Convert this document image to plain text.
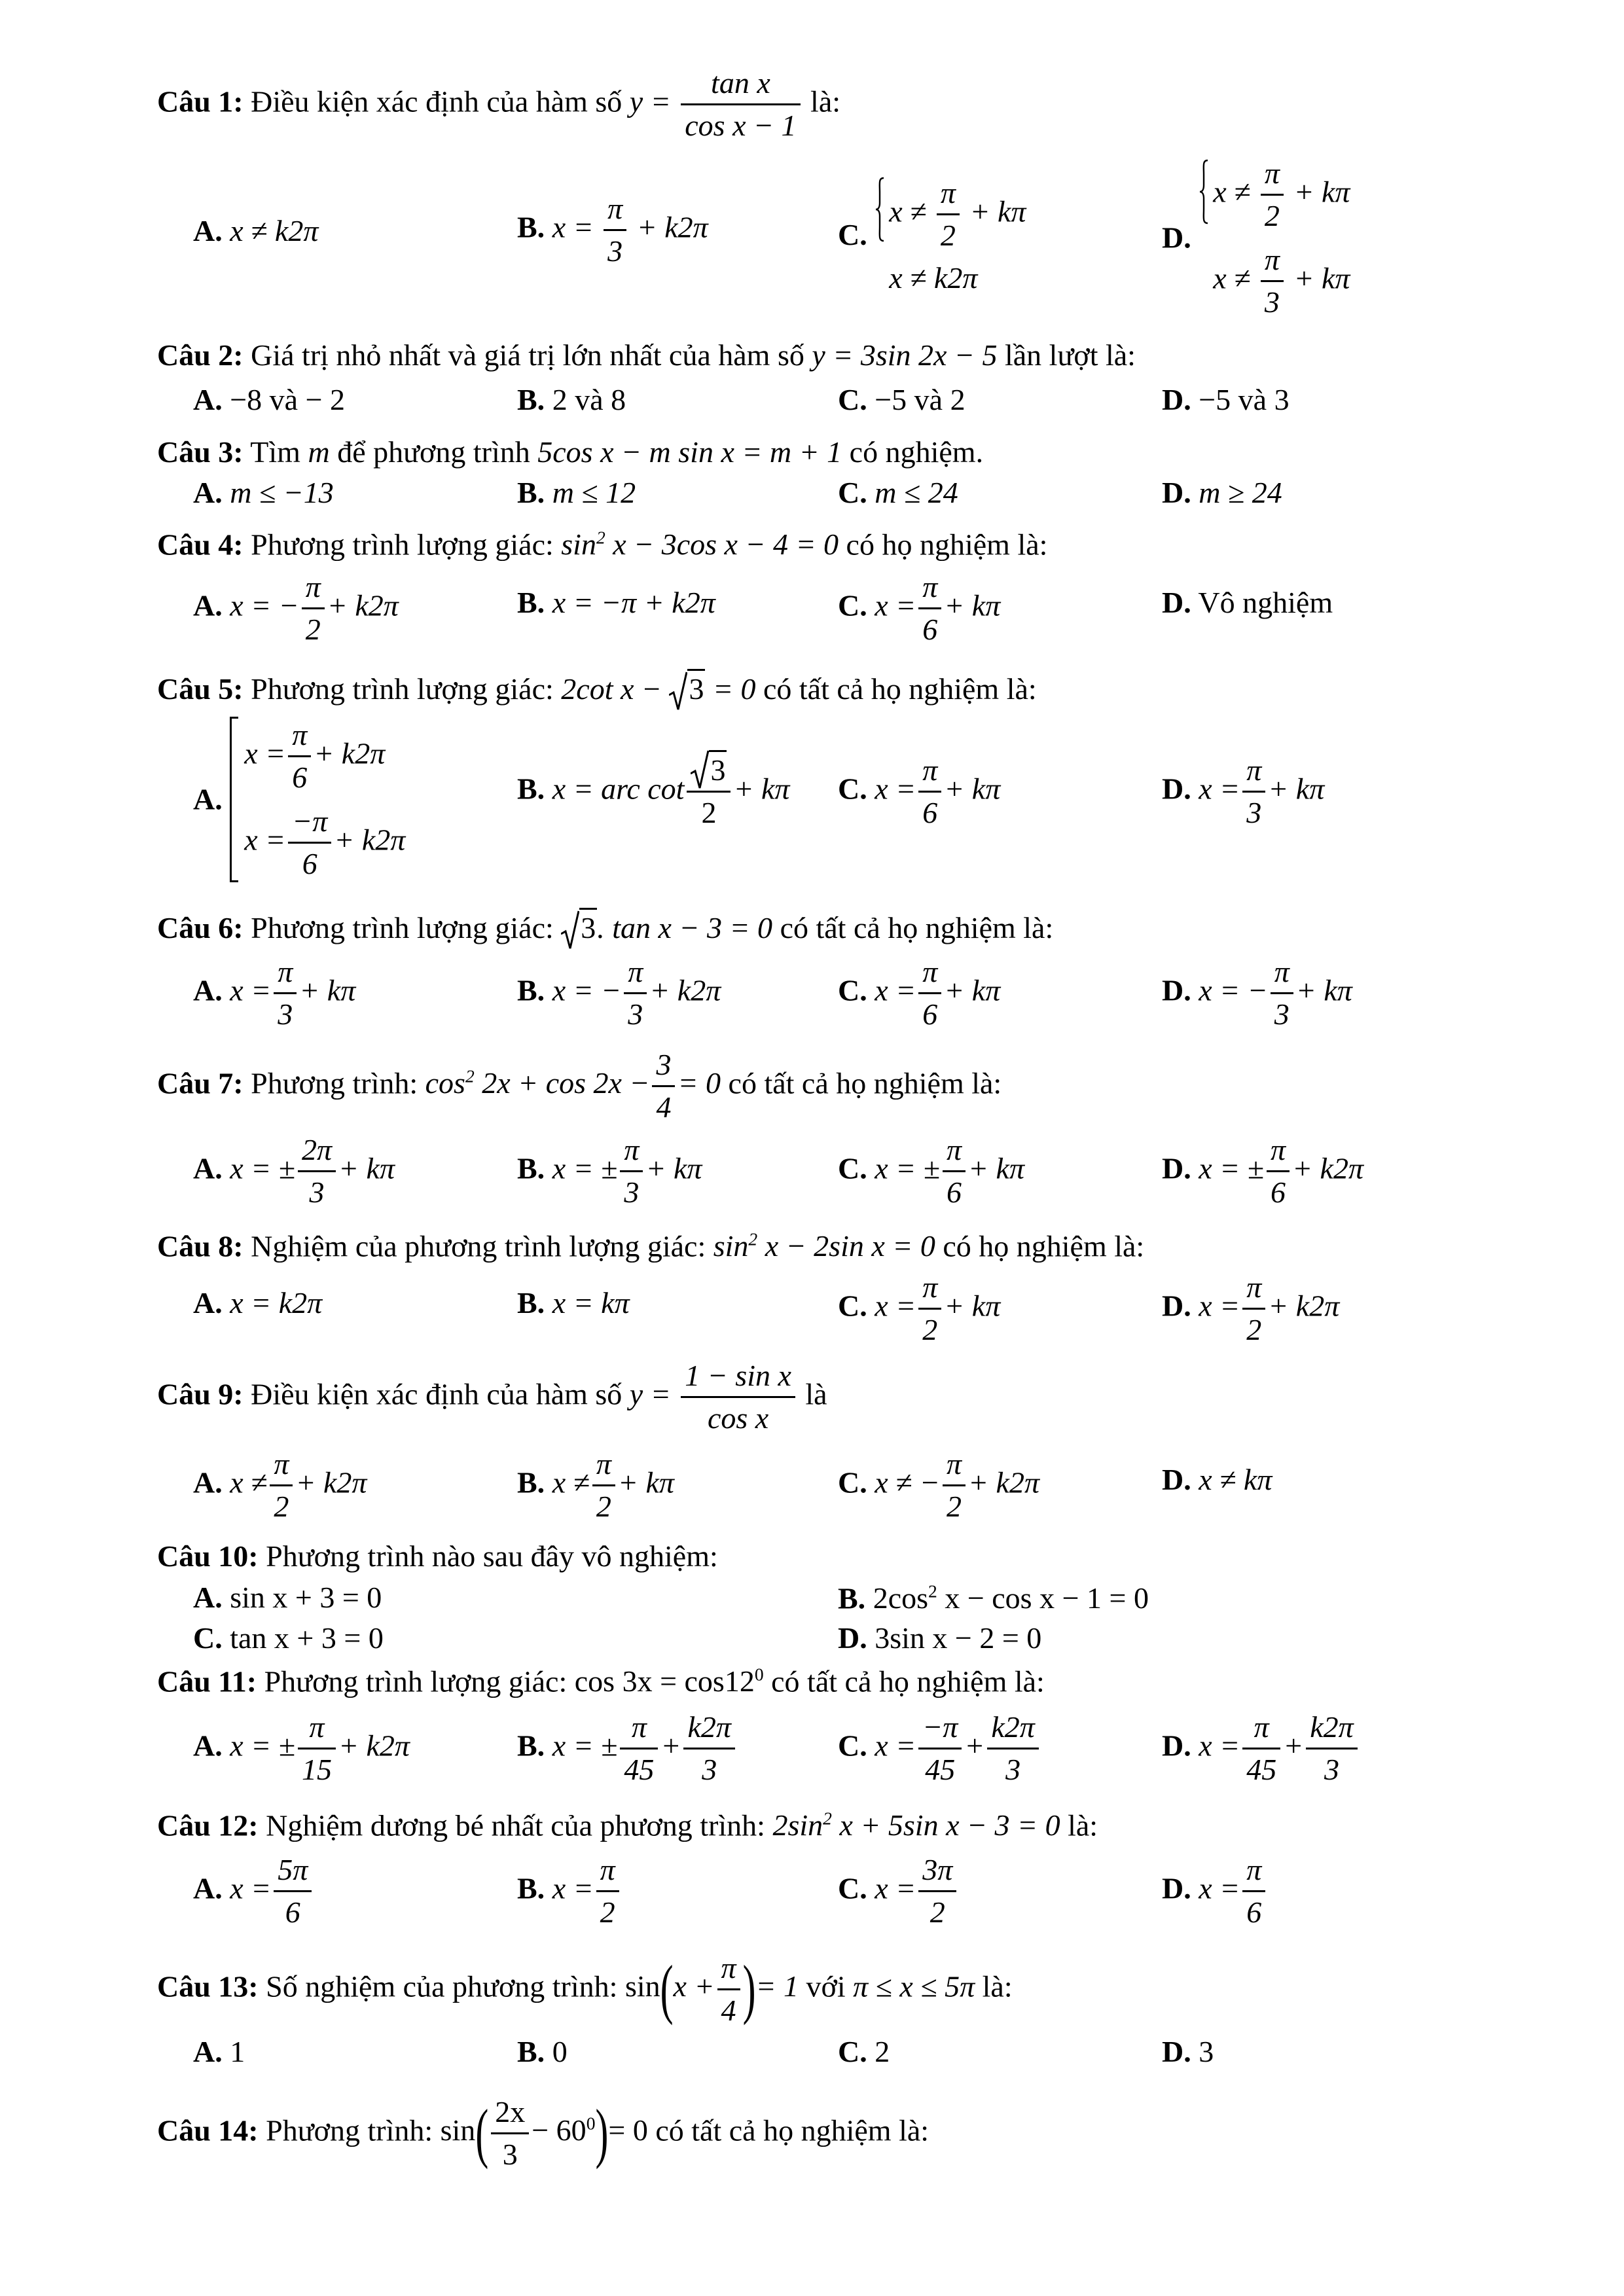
Câu 1: Điều kiện xác định của hàm số $y = \frac{\text{tan x}}{\text{cos x − 1}}$ là:
A. x ≠ k2π	B. $x = \frac{\pi}{3} + k2\pi$	C.
$x \ne \frac{\pi}{2} + k\pi$
x ≠ k2π
D.
$x \ne \frac{\pi}{2} + k\pi$
$x \ne \frac{\pi}{3} + k\pi$
Câu 2: Giá trị nhỏ nhất và giá trị lớn nhất của hàm số y = 3sin 2x − 5 lần lượt là:
A. −8 và − 2	B. 2 và 8	C. −5 và 2	D. −5 và 3
Câu 3: Tìm m để phương trình 5cos x − m sin x = m + 1 có nghiệm.
A. m ≤ −13	B. m ≤ 12	C. m ≤ 24	D. m ≥ 24
Câu 4: Phương trình lượng giác: $\sin^2 x - 3\cos$ x − 4 = 0 có họ nghiệm là:
A. x = − $\frac{\pi}{2} + k2\pi$	B. x = −π + k2π	C. $x = \frac{\pi}{6} + k\pi$	D. Vô nghiệm
Câu 5: Phương trình lượng giác: 2cot x − 3 = 0 có tất cả họ nghiệm là:
A.
$x = \frac{\pi}{6} + k2\pi$
$x = \frac{-\pi}{6} + k2\pi$
B. x = arc $\cot \frac{3}{2} + k\pi$ C. $x = \frac{\pi}{6} + k\pi$	D. $x = \frac{\pi}{3} + k\pi$
Câu 6: Phương trình lượng giác: 3. tan x − 3 = 0 có tất cả họ nghiệm là:
A. $x = \frac{\pi}{3} + k\pi$	B. x = − $\frac{\pi}{3} + k2\pi$	C. $x = \frac{\pi}{6} + k\pi$	D. x = − $\frac{\pi}{3} + k\pi$
Câu 7: Phương trình: $\cos^2 2x + \cos 2x - \frac{3}{4} = 0$ có tất cả họ nghiệm là:
A. x = ± $\frac{2\pi}{3} + k\pi$	B. x = ± $\frac{\pi}{3} + k\pi$	C. x = ± $\frac{\pi}{6} + k\pi$	D. x = ± $\frac{\pi}{6} + k2\pi$
Câu 8: Nghiệm của phương trình lượng giác: $\sin^2 x - 2\sin$ x = 0 có họ nghiệm là:
A. x = k2π	B. x = kπ	C. $x = \frac{\pi}{2} + k\pi$	D. $x = \frac{\pi}{2} + k2\pi$
Câu 9: Điều kiện xác định của hàm số $y = \frac{\text{1 − sin x}}{\text{cos x}}$ là
A. $x \ne \frac{\pi}{2} + k2\pi$	B. $x \ne \frac{\pi}{2} + k\pi$	C. x ≠ − $\frac{\pi}{2} + k2\pi$	D. x ≠ kπ
Câu 10: Phương trình nào sau đây vô nghiệm:
A. sin x + 3 = 0	B. $2\cos^2$ x − cos x − 1 = 0
C. tan x + 3 = 0	D. 3sin x − 2 = 0
Câu 11: Phương trình lượng giác: $\cos 3x = \cos 12^0$ có tất cả họ nghiệm là:
A. x = ± $\frac{\pi}{15} + k2\pi$	B. x = ± $\frac{\pi}{45} + \frac{k2\pi}{3}$	C. $x = \frac{-\pi}{45} + \frac{k2\pi}{3}$	D. $x = \frac{\pi}{45} + \frac{k2\pi}{3}$
Câu 12: Nghiệm dương bé nhất của phương trình: $2\sin^2$ x + 5sin x − 3 = 0 là:
A. $x = \frac{5\pi}{6}$	B. $x = \frac{\pi}{2}$	C. $x = \frac{3\pi}{2}$	D. $x = \frac{\pi}{6}$
Câu 13: Số nghiệm của phương trình: $\sin(x + \frac{\pi}{4}$ )= 1 với π ≤ x ≤ 5π là:
A. 1	B. 0	C. 2	D. 3
Câu 14: Phương trình: $\sin( \frac{2x}{3} - 60^0)= 0$ có tất cả họ nghiệm là:
